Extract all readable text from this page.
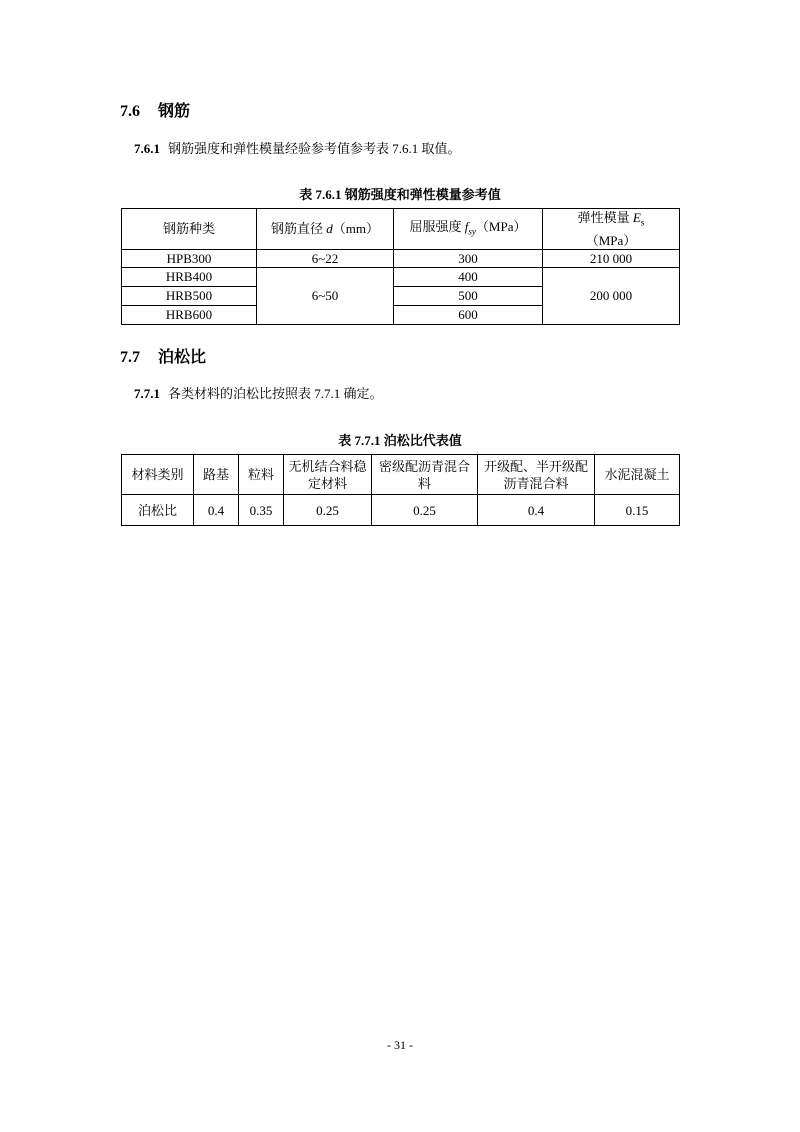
7.6 钢筋
7.6.1 钢筋强度和弹性模量经验参考值参考表 7.6.1 取值。
表 7.6.1 钢筋强度和弹性模量参考值
钢筋种类	钢筋直径 d（mm）	屈服强度 $f_{sy}(MPa)$	弹性模量 $E_s$
（MPa）
HPB300	6~22	300	210 000
HRB400	6~50	400	200 000
HRB500		500	
HRB600		600	
7.7 泊松比
7.7.1 各类材料的泊松比按照表 7.7.1 确定。
表 7.7.1 泊松比代表值
材料类别	路基	粒料	无机结合料稳定材料	密级配沥青混合料	开级配、半开级配沥青混合料	水泥混凝土
泊松比	0.4	0.35	0.25	0.25	0.4	0.15
- 31 -
